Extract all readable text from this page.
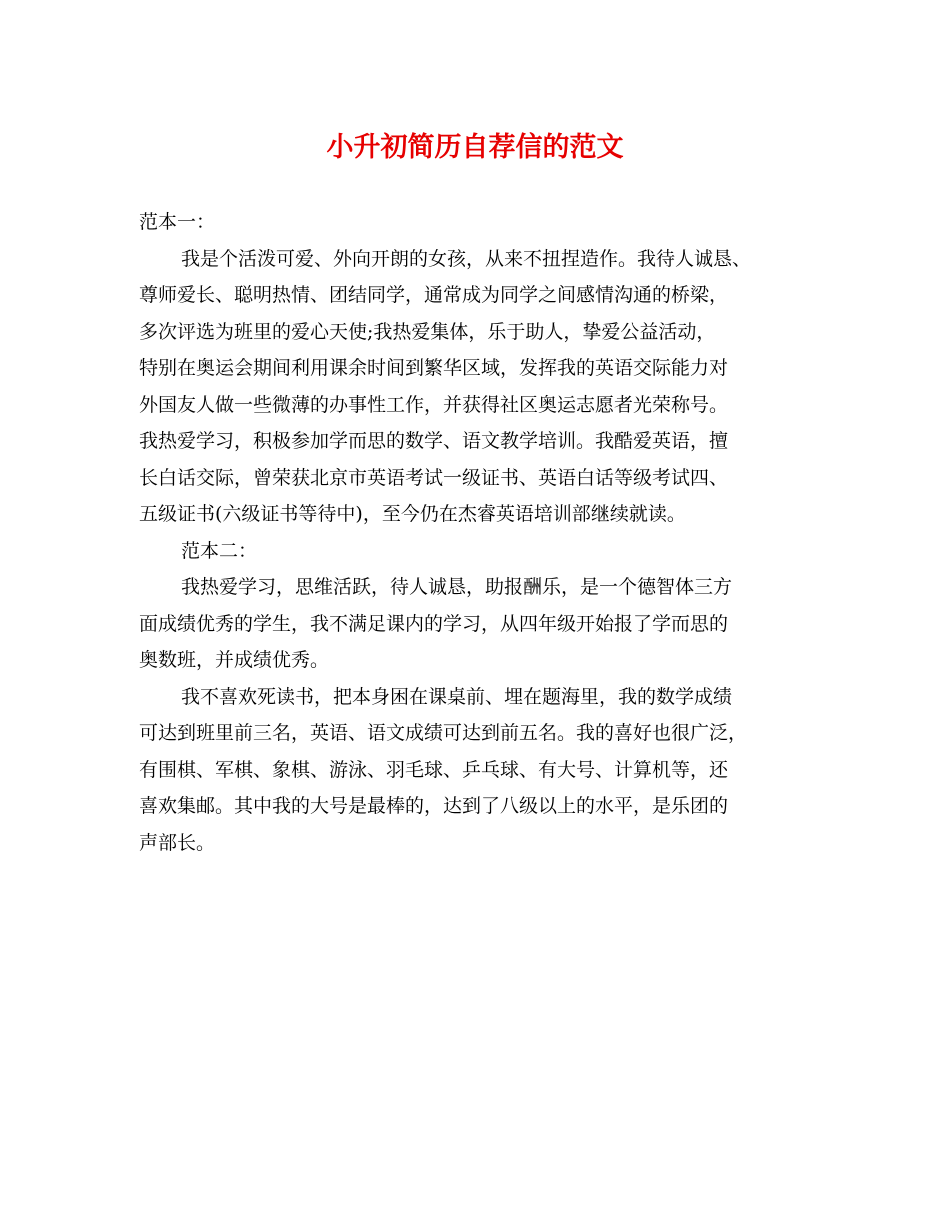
小升初简历自荐信的范文

范本一：

我是个活泼可爱、外向开朗的女孩，从来不扭捏造作。我待人诚恳、

尊师爱长、聪明热情、团结同学，通常成为同学之间感情沟通的桥梁，

多次评选为班里的爱心天使;我热爱集体，乐于助人，挚爱公益活动，

特别在奥运会期间利用课余时间到繁华区域，发挥我的英语交际能力对

外国友人做一些微薄的办事性工作，并获得社区奥运志愿者光荣称号。

我热爱学习，积极参加学而思的数学、语文教学培训。我酷爱英语，擅

长白话交际，曾荣获北京市英语考试一级证书、英语白话等级考试四、

五级证书(六级证书等待中)，至今仍在杰睿英语培训部继续就读。

范本二：

我热爱学习，思维活跃，待人诚恳，助报酬乐，是一个德智体三方

面成绩优秀的学生，我不满足课内的学习，从四年级开始报了学而思的

奥数班，并成绩优秀。

我不喜欢死读书，把本身困在课桌前、埋在题海里，我的数学成绩

可达到班里前三名，英语、语文成绩可达到前五名。我的喜好也很广泛，

有围棋、军棋、象棋、游泳、羽毛球、乒乓球、有大号、计算机等，还

喜欢集邮。其中我的大号是最棒的，达到了八级以上的水平，是乐团的

声部长。
